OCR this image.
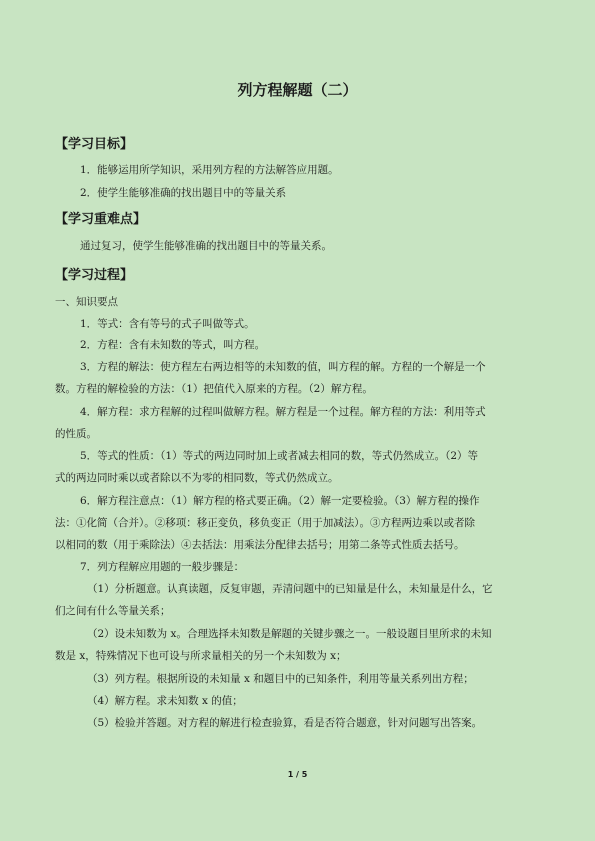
列方程解题（二）
【学习目标】
1．能够运用所学知识，采用列方程的方法解答应用题。
2．使学生能够准确的找出题目中的等量关系
【学习重难点】
通过复习，使学生能够准确的找出题目中的等量关系。
【学习过程】
一、知识要点
1．等式：含有等号的式子叫做等式。
2．方程：含有未知数的等式，叫方程。
3．方程的解法：使方程左右两边相等的未知数的值，叫方程的解。方程的一个解是一个
数。方程的解检验的方法：（1）把值代入原来的方程。（2）解方程。
4．解方程：求方程解的过程叫做解方程。解方程是一个过程。解方程的方法：利用等式
的性质。
5．等式的性质：（1）等式的两边同时加上或者减去相同的数，等式仍然成立。（2）等
式的两边同时乘以或者除以不为零的相同数，等式仍然成立。
6．解方程注意点：（1）解方程的格式要正确。（2）解一定要检验。（3）解方程的操作
法：①化简（合并）。②移项：移正变负，移负变正（用于加减法）。③方程两边乘以或者除
以相同的数（用于乘除法）④去括法：用乘法分配律去括号；用第二条等式性质去括号。
7．列方程解应用题的一般步骤是：
（1）分析题意。认真读题，反复审题，弄清问题中的已知量是什么，未知量是什么，它
们之间有什么等量关系；
（2）设未知数为 x。合理选择未知数是解题的关键步骤之一。一般设题目里所求的未知
数是 x，特殊情况下也可设与所求量相关的另一个未知数为 x；
（3）列方程。根据所设的未知量 x 和题目中的已知条件，利用等量关系列出方程；
（4）解方程。求未知数 x 的值；
（5）检验并答题。对方程的解进行检查验算，看是否符合题意，针对问题写出答案。
1 / 5
